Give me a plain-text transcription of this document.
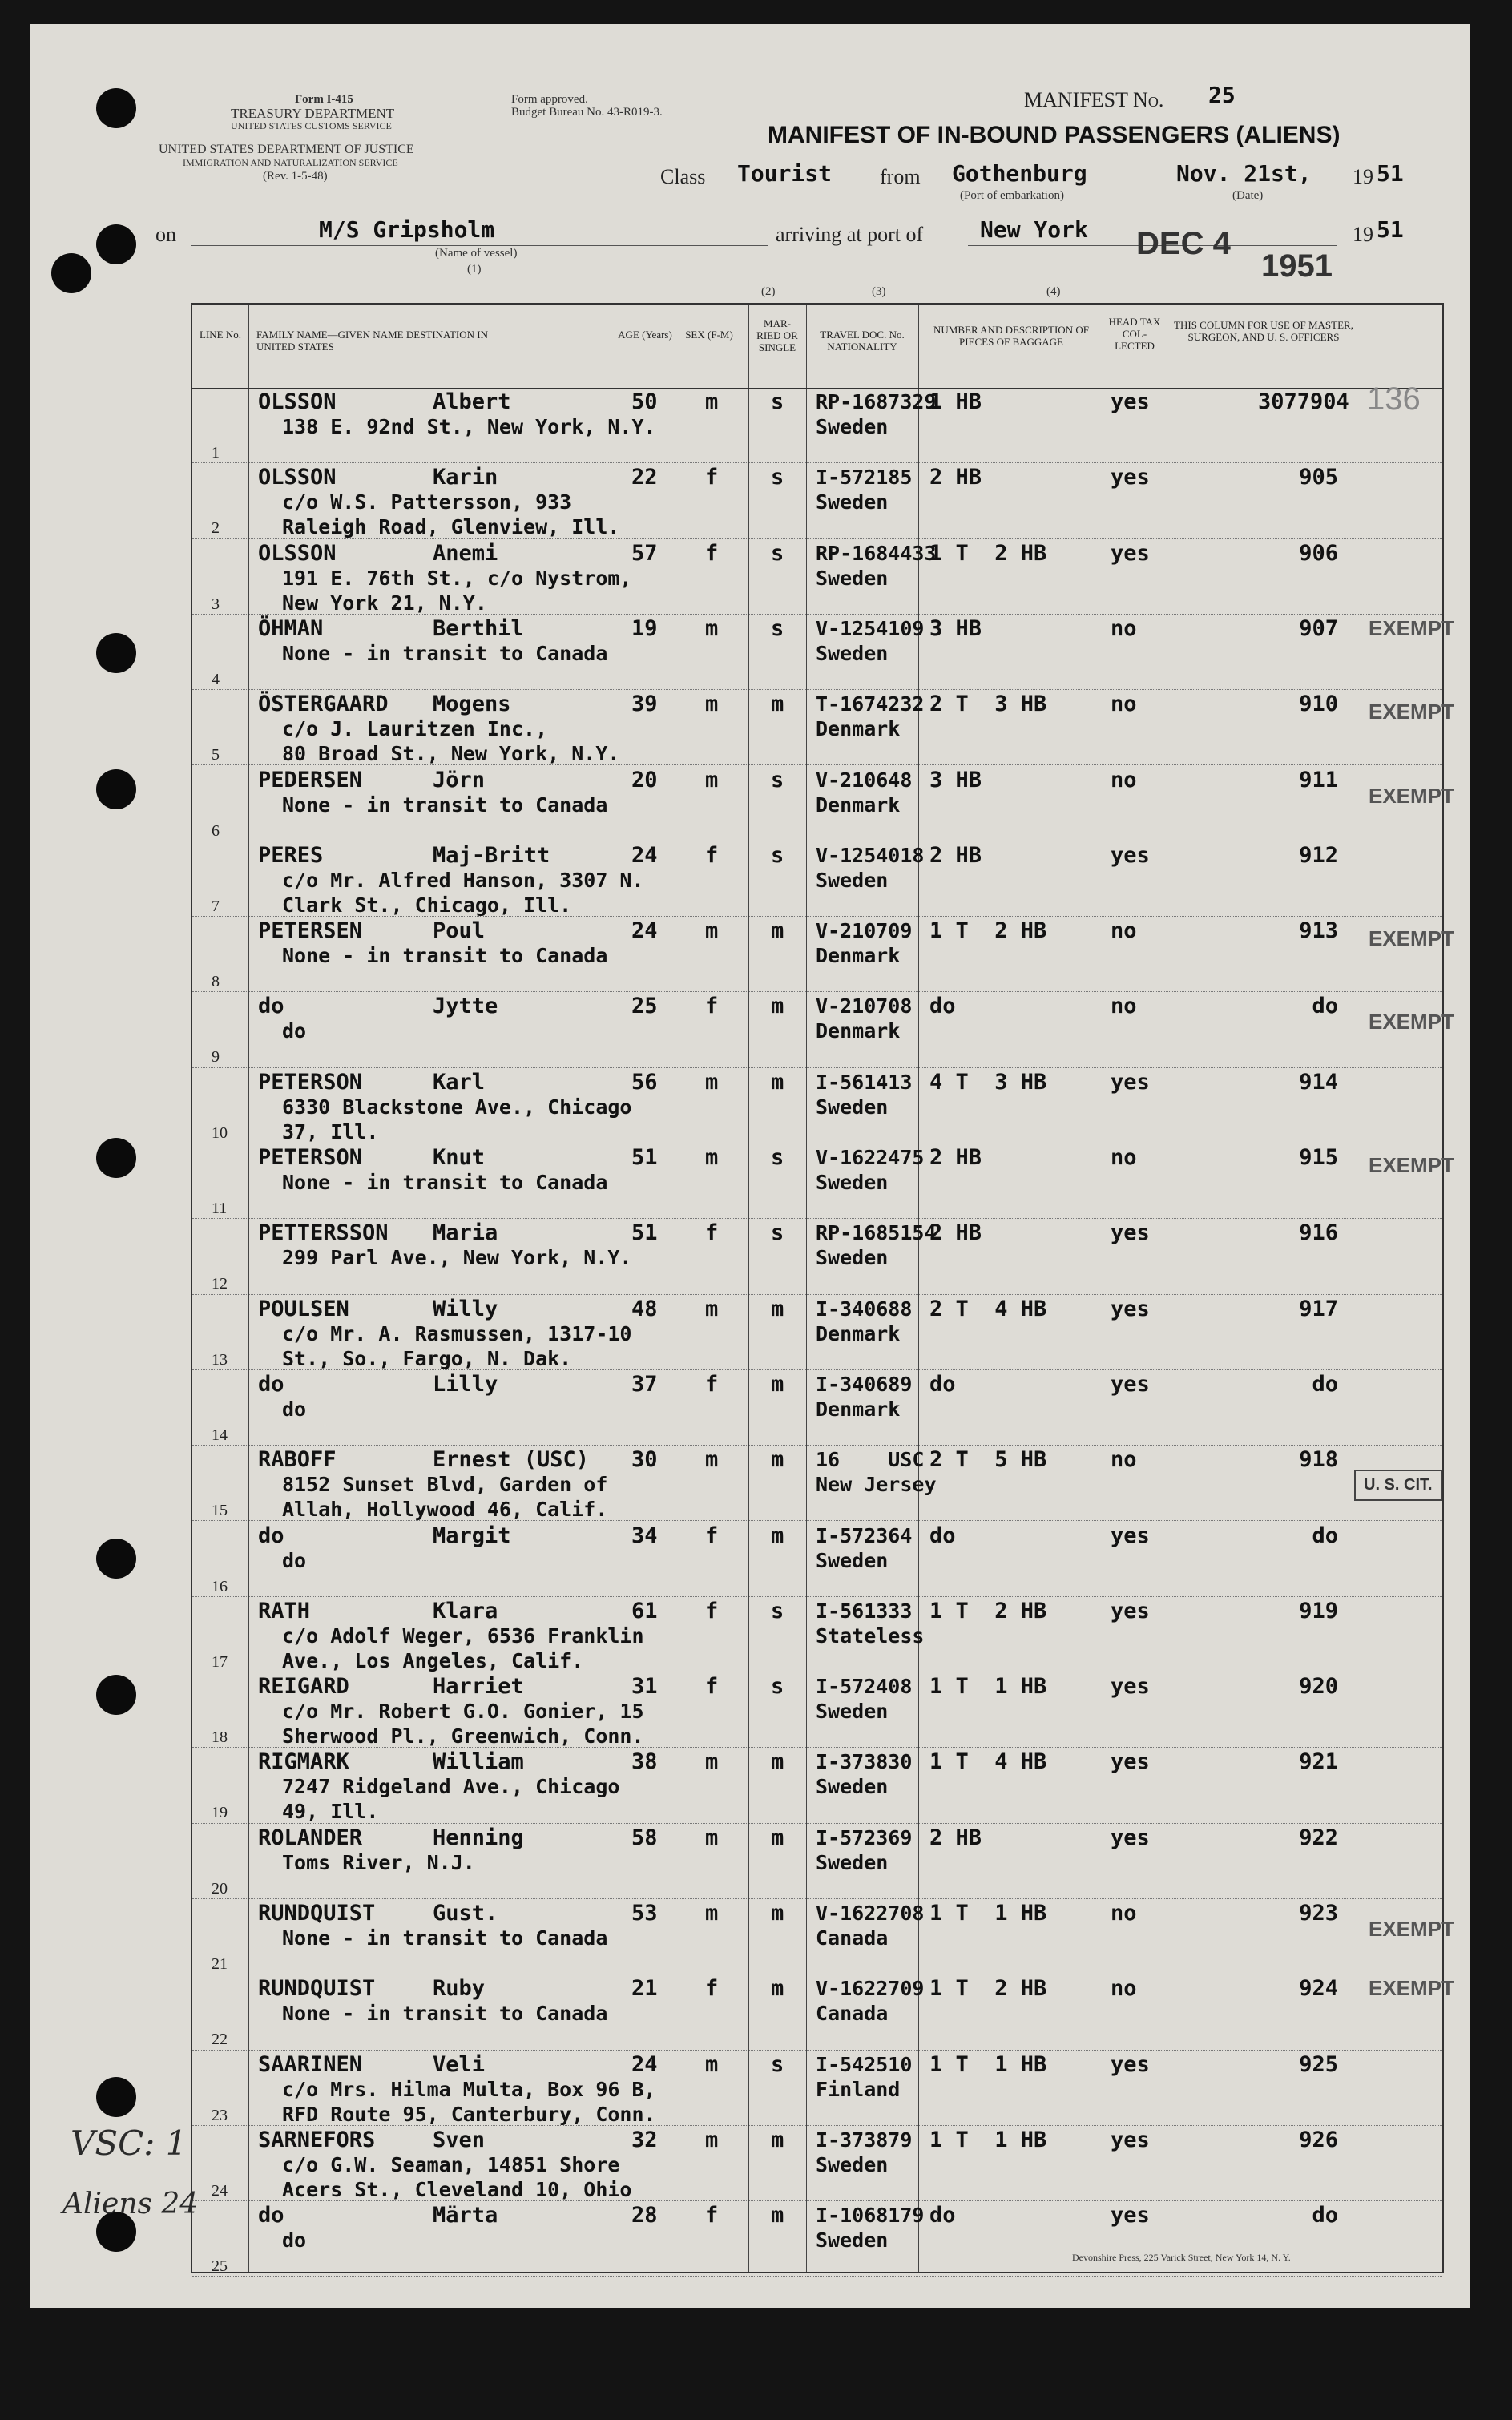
Form I-415
TREASURY DEPARTMENT
UNITED STATES CUSTOMS SERVICE
UNITED STATES DEPARTMENT OF JUSTICE
IMMIGRATION AND NATURALIZATION SERVICE
(Rev. 1-5-48)
Form approved.
Budget Bureau No. 43-R019-3.
MANIFEST No. 25
MANIFEST OF IN-BOUND PASSENGERS (ALIENS)
Class Tourist from Gothenburg
(Port of embarkation)
Nov. 21st,
(Date)
19 51
on	M/S Gripsholm
(Name of vessel)
(1)
arriving at port of	New York DEC 4
1951
19 51
(2)	(3)	(4)
LINE No.	FAMILY NAME—GIVEN NAME DESTINATION IN UNITED STATES
AGE (Years)	SEX (F-M)
MAR-RIED OR SINGLE
TRAVEL DOC. No. NATIONALITY
NUMBER AND DESCRIPTION OF PIECES OF BAGGAGE
HEAD TAX COL-LECTED
THIS COLUMN FOR USE OF MASTER, SURGEON, AND U. S. OFFICERS
1
OLSSON	Albert
138 E. 92nd St., New York, N.Y.
50 m s RP-1687329
Sweden
1 HB	yes	3077904
2
OLSSON	Karin
c/o W.S. Pattersson, 933
Raleigh Road, Glenview, Ill.
22 f s I-572185
Sweden
2 HB	yes	905
3
OLSSON	Anemi
191 E. 76th St., c/o Nystrom,
New York 21, N.Y.
57 f s RP-1684433
Sweden
1 T  2 HB	yes	906
4
ÖHMAN	Berthil
None - in transit to Canada
19 m s V-1254109
Sweden
3 HB	no	907 EXEMPT
5
ÖSTERGAARD Mogens
c/o J. Lauritzen Inc.,
80 Broad St., New York, N.Y.
39 m m T-1674232
Denmark
2 T  3 HB	no	910 EXEMPT
6
PEDERSEN	Jörn
None - in transit to Canada
20 m s V-210648
Denmark
3 HB	no	911
EXEMPT
7
PERES	Maj-Britt
c/o Mr. Alfred Hanson, 3307 N.
Clark St., Chicago, Ill.
24 f s V-1254018
Sweden
2 HB	yes	912
8
PETERSEN	Poul
None - in transit to Canada
24 m m V-210709
Denmark
1 T  2 HB	no	913 EXEMPT
9
do	Jytte
do
25 f m V-210708
Denmark
do	no	do
EXEMPT
10
PETERSON	Karl
6330 Blackstone Ave., Chicago
37, Ill.
56 m m I-561413
Sweden
4 T  3 HB	yes	914
11
PETERSON	Knut
None - in transit to Canada
51 m s V-1622475
Sweden
2 HB	no	915 EXEMPT
12
PETTERSSON Maria
299 Parl Ave., New York, N.Y.
51 f s RP-1685154
Sweden
2 HB	yes	916
13
POULSEN	Willy
c/o Mr. A. Rasmussen, 1317-10
St., So., Fargo, N. Dak.
48 m m I-340688
Denmark
2 T  4 HB	yes	917
14
do	Lilly
do
37 f m I-340689
Denmark
do	yes	do
15
RABOFF	Ernest (USC)
8152 Sunset Blvd, Garden of
Allah, Hollywood 46, Calif.
30 m m 16    USC
New Jersey
2 T  5 HB	no	918
U. S. CIT.
16
do	Margit
do
34 f m I-572364
Sweden
do	yes	do
17
RATH	Klara
c/o Adolf Weger, 6536 Franklin
Ave., Los Angeles, Calif.
61 f s I-561333
Stateless
1 T  2 HB	yes	919
18
REIGARD	Harriet
c/o Mr. Robert G.O. Gonier, 15
Sherwood Pl., Greenwich, Conn.
31 f s I-572408
Sweden
1 T  1 HB	yes	920
19
RIGMARK	William
7247 Ridgeland Ave., Chicago
49, Ill.
38 m m I-373830
Sweden
1 T  4 HB	yes	921
20
ROLANDER	Henning
Toms River, N.J.
58 m m I-572369
Sweden
2 HB	yes	922
21
RUNDQUIST	Gust.
None - in transit to Canada
53 m m V-1622708
Canada
1 T  1 HB	no	923
EXEMPT
22
RUNDQUIST	Ruby
None - in transit to Canada
21 f m V-1622709
Canada
1 T  2 HB	no	924 EXEMPT
23
SAARINEN	Veli
c/o Mrs. Hilma Multa, Box 96 B,
RFD Route 95, Canterbury, Conn.
24 m s I-542510
Finland
1 T  1 HB	yes	925
24
SARNEFORS	Sven
c/o G.W. Seaman, 14851 Shore
Acers St., Cleveland 10, Ohio
32 m m I-373879
Sweden
1 T  1 HB	yes	926
25
do	Märta
do
28 f m I-1068179
Sweden
do	yes	do
136
VSC: 1
Aliens 24
Devonshire Press, 225 Varick Street, New York 14, N. Y.
